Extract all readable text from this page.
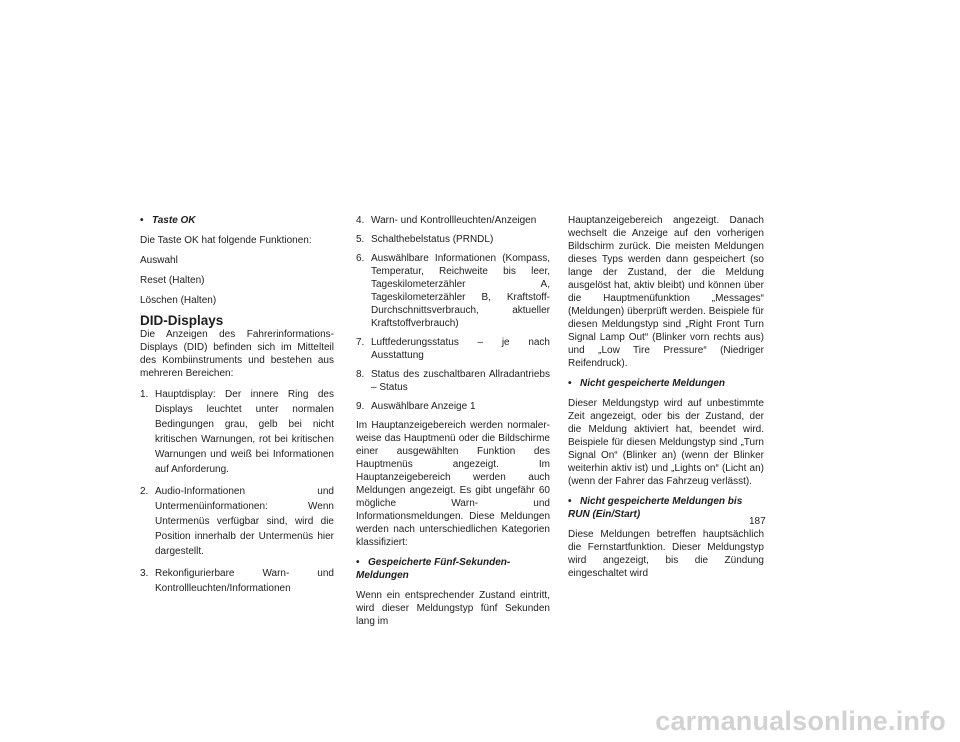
• Taste OK

Die Taste OK hat folgende Funktionen:

Auswahl

Reset (Halten)

Löschen (Halten)

DID-Displays

Die Anzeigen des Fahrerinformations-Displays (DID) befinden sich im Mittelteil des Kombiinstruments und bestehen aus mehreren Bereichen:

1. Hauptdisplay: Der innere Ring des Displays leuchtet unter normalen Bedingungen grau, gelb bei nicht kritischen Warnungen, rot bei kritischen Warnungen und weiß bei Informationen auf Anforderung.
2. Audio-Informationen und Untermenüinformationen: Wenn Untermenüs verfügbar sind, wird die Position innerhalb der Untermenüs hier dargestellt.
3. Rekonfigurierbare Warn- und Kontrollleuchten/Informationen
4. Warn- und Kontrollleuchten/Anzeigen
5. Schalthebelstatus (PRNDL)
6. Auswählbare Informationen (Kompass, Temperatur, Reichweite bis leer, Tageskilometerzähler A, Tageskilometerzähler B, Kraftstoff-Durchschnittsverbrauch, aktueller Kraftstoffverbrauch)
7. Luftfederungsstatus – je nach Ausstattung
8. Status des zuschaltbaren Allradantriebs – Status
9. Auswählbare Anzeige 1

Im Hauptanzeigebereich werden normalerweise das Hauptmenü oder die Bildschirme einer ausgewählten Funktion des Hauptmenüs angezeigt. Im Hauptanzeigebereich werden auch Meldungen angezeigt. Es gibt ungefähr 60 mögliche Warn- und Informationsmeldungen. Diese Meldungen werden nach unterschiedlichen Kategorien klassifiziert:

• Gespeicherte Fünf-Sekunden-Meldungen

Wenn ein entsprechender Zustand eintritt, wird dieser Meldungstyp fünf Sekunden lang im

Hauptanzeigebereich angezeigt. Danach wechselt die Anzeige auf den vorherigen Bildschirm zurück. Die meisten Meldungen dieses Typs werden dann gespeichert (so lange der Zustand, der die Meldung ausgelöst hat, aktiv bleibt) und können über die Hauptmenüfunktion „Messages“ (Meldungen) überprüft werden. Beispiele für diesen Meldungstyp sind „Right Front Turn Signal Lamp Out“ (Blinker vorn rechts aus) und „Low Tire Pressure“ (Niedriger Reifendruck).

• Nicht gespeicherte Meldungen

Dieser Meldungstyp wird auf unbestimmte Zeit angezeigt, oder bis der Zustand, der die Meldung aktiviert hat, beendet wird. Beispiele für diesen Meldungstyp sind „Turn Signal On“ (Blinker an) (wenn der Blinker weiterhin aktiv ist) und „Lights on“ (Licht an) (wenn der Fahrer das Fahrzeug verlässt).

• Nicht gespeicherte Meldungen bis RUN (Ein/Start)

Diese Meldungen betreffen hauptsächlich die Fernstartfunktion. Dieser Meldungstyp wird angezeigt, bis die Zündung eingeschaltet wird

187
carmanualsonline.info
